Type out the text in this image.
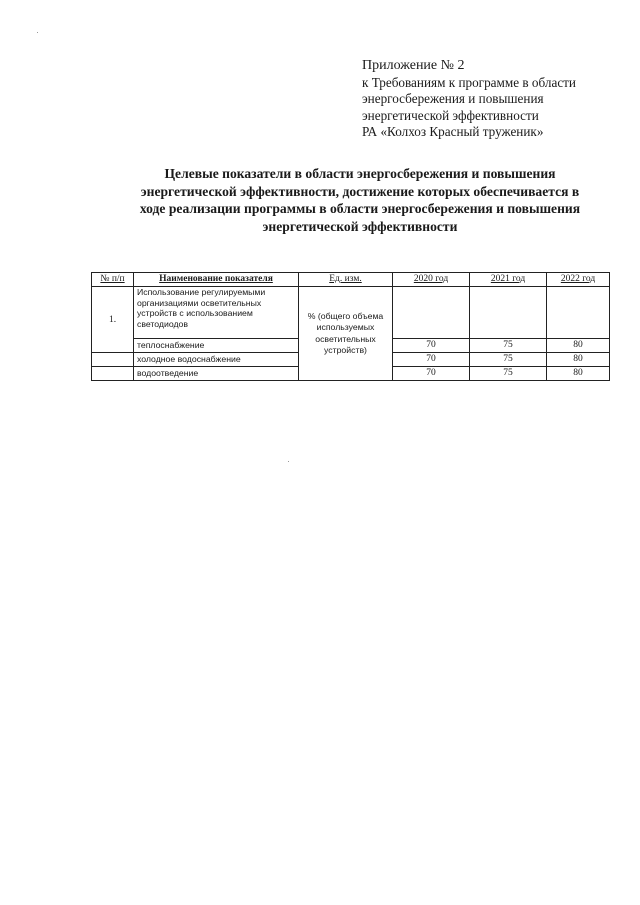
Приложение № 2
к Требованиям к программе в области
энергосбережения и повышения
энергетической эффективности
РА «Колхоз Красный труженик»
Целевые показатели в области энергосбережения и повышения
энергетической эффективности, достижение которых обеспечивается в
ходе реализации программы в области энергосбережения и повышения
энергетической эффективности
№ п/п	Наименование показателя	Ед. изм.	2020 год	2021 год	2022 год
1.	Использование регулируемыми организациями осветительных устройств с использованием светодиодов	% (общего объема используемых осветительных устройств)			
	теплоснабжение		70	75	80
	холодное водоснабжение		70	75	80
	водоотведение		70	75	80
